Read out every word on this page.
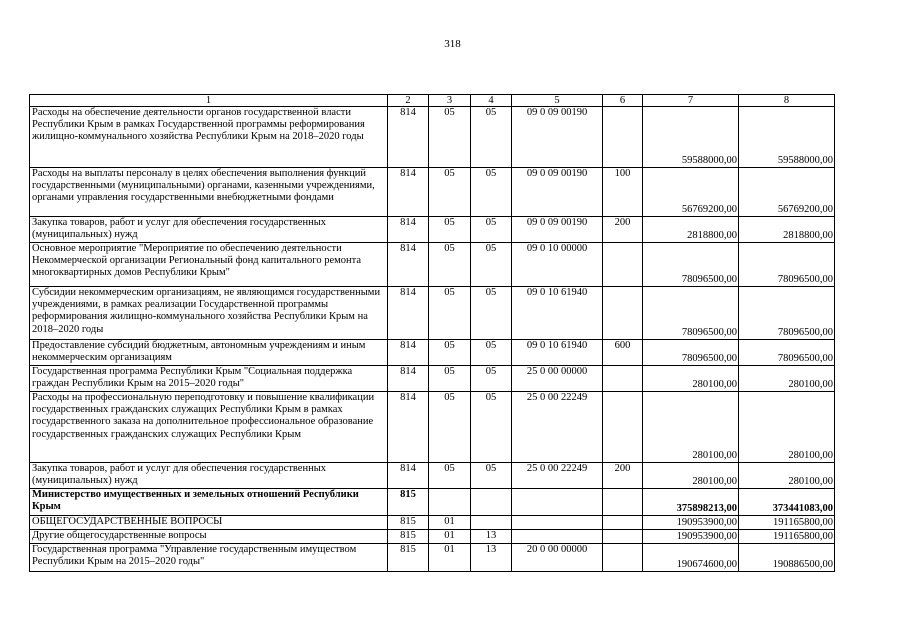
318
1	2	3	4	5	6	7	8
Расходы на обеспечение деятельности органов государственной власти Республики Крым в рамках Государственной программы реформирования жилищно-коммунального хозяйства Республики Крым на 2018–2020 годы	814	05	05	09 0 09 00190		59588000,00	59588000,00
Расходы на выплаты персоналу в целях обеспечения выполнения функций государственными (муниципальными) органами, казенными учреждениями, органами управления государственными внебюджетными фондами	814	05	05	09 0 09 00190	100	56769200,00	56769200,00
Закупка товаров, работ и услуг для обеспечения государственных (муниципальных) нужд	814	05	05	09 0 09 00190	200	2818800,00	2818800,00
Основное мероприятие "Мероприятие по обеспечению деятельности Некоммерческой организации Региональный фонд капитального ремонта многоквартирных домов Республики Крым"	814	05	05	09 0 10 00000		78096500,00	78096500,00
Субсидии некоммерческим организациям, не являющимся государственными учреждениями, в рамках реализации Государственной программы реформирования жилищно-коммунального хозяйства Республики Крым на 2018–2020 годы	814	05	05	09 0 10 61940		78096500,00	78096500,00
Предоставление субсидий бюджетным, автономным учреждениям и иным некоммерческим организациям	814	05	05	09 0 10 61940	600	78096500,00	78096500,00
Государственная программа Республики Крым "Социальная поддержка граждан Республики Крым на 2015–2020 годы"	814	05	05	25 0 00 00000		280100,00	280100,00
Расходы на профессиональную переподготовку и повышение квалификации государственных гражданских служащих Республики Крым в рамках государственного заказа на дополнительное профессиональное образование государственных гражданских служащих Республики Крым	814	05	05	25 0 00 22249		280100,00	280100,00
Закупка товаров, работ и услуг для обеспечения государственных (муниципальных) нужд	814	05	05	25 0 00 22249	200	280100,00	280100,00
Министерство имущественных и земельных отношений Республики Крым	815					375898213,00	373441083,00
ОБЩЕГОСУДАРСТВЕННЫЕ ВОПРОСЫ	815	01				190953900,00	191165800,00
Другие общегосударственные вопросы	815	01	13			190953900,00	191165800,00
Государственная программа "Управление государственным имуществом Республики Крым на 2015–2020 годы"	815	01	13	20 0 00 00000		190674600,00	190886500,00
